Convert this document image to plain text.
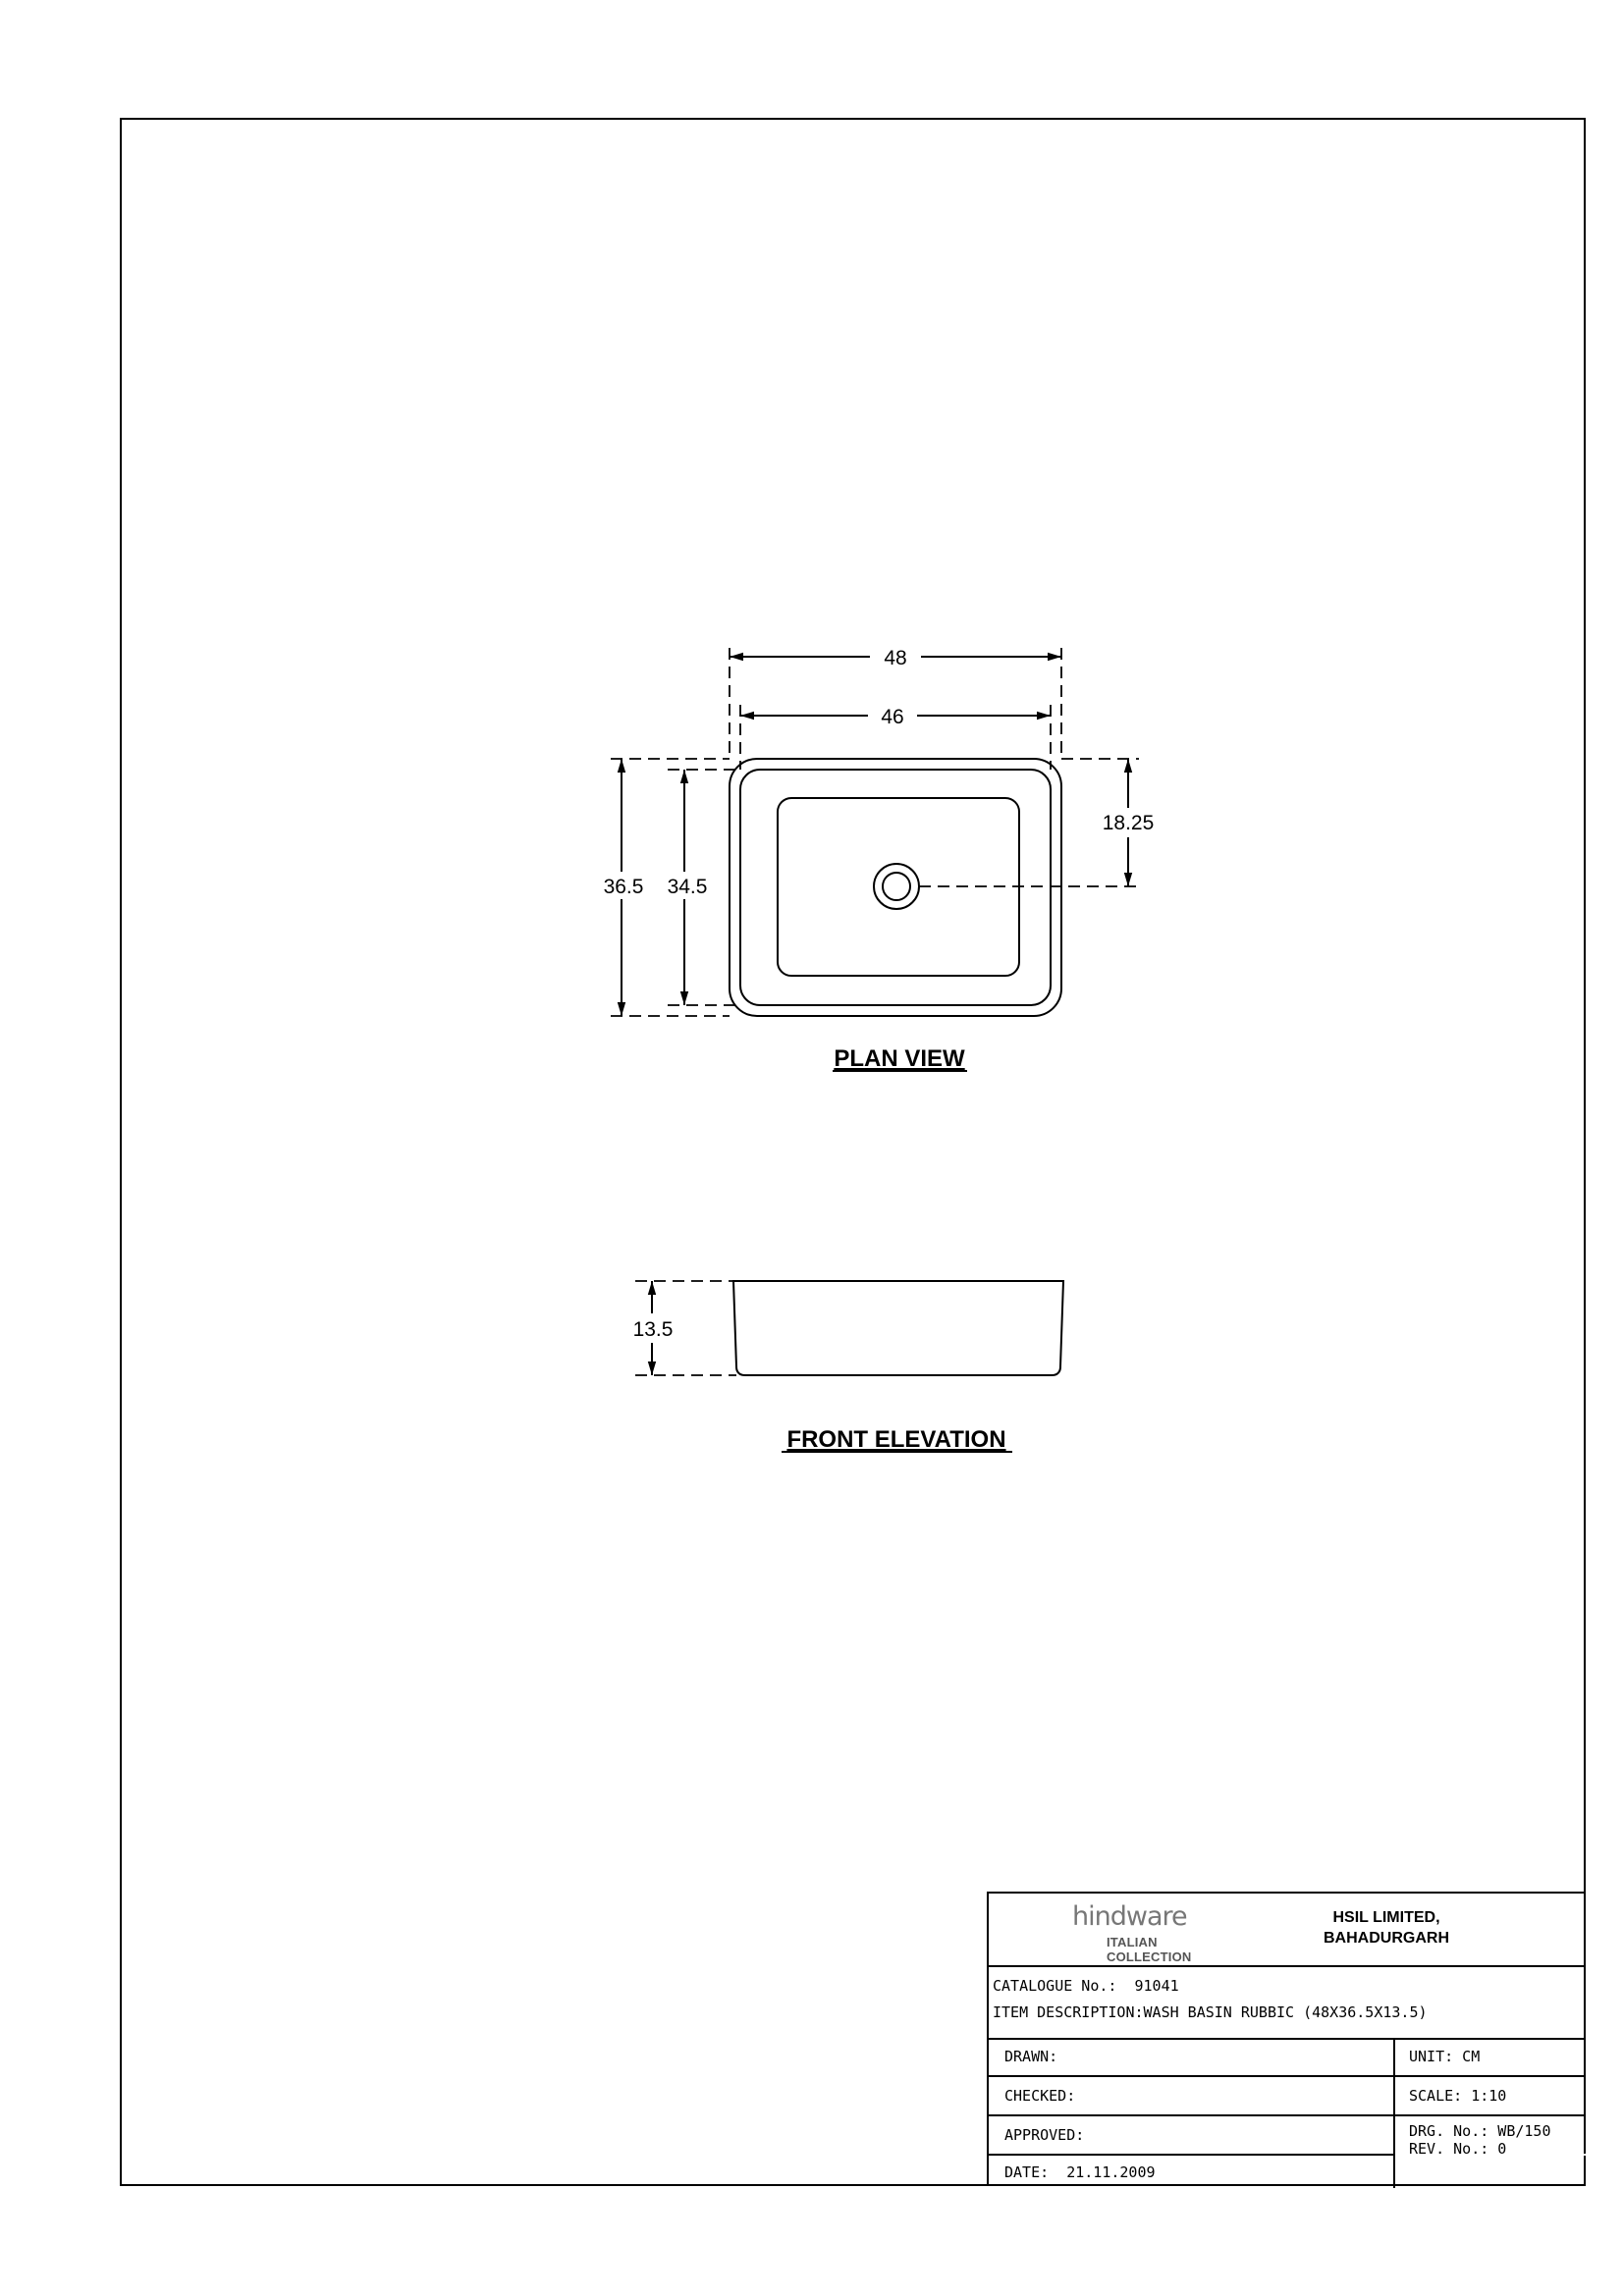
48
46
36.5 34.5
18.25
PLAN VIEW
13.5
FRONT ELEVATION
hindware
ITALIAN COLLECTION
HSIL LIMITED,
BAHADURGARH
CATALOGUE No.: 91041
ITEM DESCRIPTION:WASH BASIN RUBBIC (48X36.5X13.5)
DRAWN:
CHECKED:
APPROVED:
DATE: 21.11.2009
UNIT: CM
SCALE: 1:10
DRG. No.: WB/150
REV. No.: 0
